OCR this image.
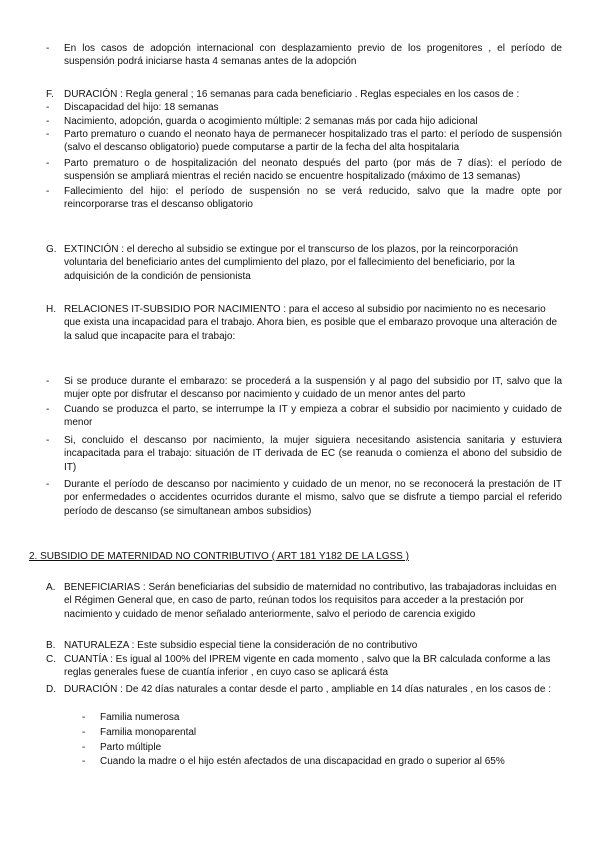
- En los casos de adopción internacional con desplazamiento previo de los progenitores , el período de suspensión podrá iniciarse hasta 4 semanas antes de la adopción
F. DURACIÓN : Regla general ; 16 semanas para cada beneficiario . Reglas especiales en los casos de :
- Discapacidad del hijo: 18 semanas
- Nacimiento, adopción, guarda o acogimiento múltiple: 2 semanas más por cada hijo adicional
- Parto prematuro o cuando el neonato haya de permanecer hospitalizado tras el parto: el período de suspensión (salvo el descanso obligatorio) puede computarse a partir de la fecha del alta hospitalaria
- Parto prematuro o de hospitalización del neonato después del parto (por más de 7 días): el período de suspensión se ampliará mientras el recién nacido se encuentre hospitalizado (máximo de 13 semanas)
- Fallecimiento del hijo: el período de suspensión no se verá reducido, salvo que la madre opte por reincorporarse tras el descanso obligatorio
G. EXTINCIÓN : el derecho al subsidio se extingue por el transcurso de los plazos, por la reincorporación voluntaria del beneficiario antes del cumplimiento del plazo, por el fallecimiento del beneficiario, por la adquisición de la condición de pensionista
H. RELACIONES IT-SUBSIDIO POR NACIMIENTO : para el acceso al subsidio por nacimiento no es necesario que exista una incapacidad para el trabajo. Ahora bien, es posible que el embarazo provoque una alteración de la salud que incapacite para el trabajo:
- Si se produce durante el embarazo: se procederá a la suspensión y al pago del subsidio por IT, salvo que la mujer opte por disfrutar el descanso por nacimiento y cuidado de un menor antes del parto
- Cuando se produzca el parto, se interrumpe la IT y empieza a cobrar el subsidio por nacimiento y cuidado de menor
- Si, concluido el descanso por nacimiento, la mujer siguiera necesitando asistencia sanitaria y estuviera incapacitada para el trabajo: situación de IT derivada de EC (se reanuda o comienza el abono del subsidio de IT)
- Durante el período de descanso por nacimiento y cuidado de un menor, no se reconocerá la prestación de IT por enfermedades o accidentes ocurridos durante el mismo, salvo que se disfrute a tiempo parcial el referido período de descanso (se simultanean ambos subsidios)
2. SUBSIDIO DE MATERNIDAD NO CONTRIBUTIVO ( ART 181 Y182 DE LA LGSS )
A. BENEFICIARIAS : Serán beneficiarias del subsidio de maternidad no contributivo, las trabajadoras incluidas en el Régimen General que, en caso de parto, reúnan todos los requisitos para acceder a la prestación por nacimiento y cuidado de menor señalado anteriormente, salvo el periodo de carencia exigido
B. NATURALEZA : Este subsidio especial tiene la consideración de no contributivo
C. CUANTÍA : Es igual al 100% del IPREM vigente en cada momento , salvo que la BR calculada conforme a las reglas generales fuese de cuantía inferior , en cuyo caso se aplicará ésta
D. DURACIÓN : De 42 días naturales a contar desde el parto , ampliable en 14 días naturales , en los casos de :
- Familia numerosa
- Familia monoparental
- Parto múltiple
- Cuando la madre o el hijo estén afectados de una discapacidad en grado o superior al 65%
